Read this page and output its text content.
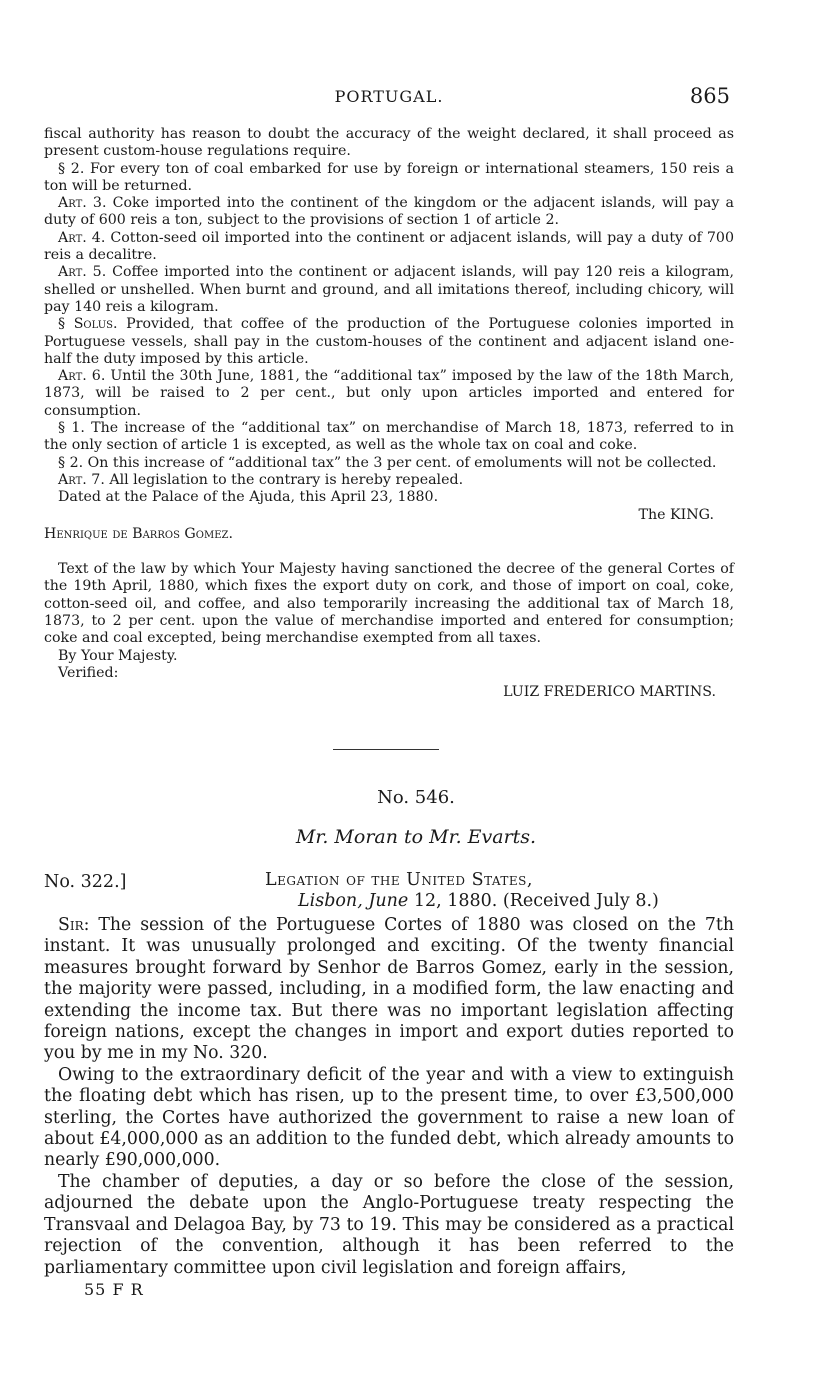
PORTUGAL.	865

fiscal authority has reason to doubt the accuracy of the weight declared, it shall proceed as present custom-house regulations require.

§ 2. For every ton of coal embarked for use by foreign or international steamers, 150 reis a ton will be returned.

Art. 3. Coke imported into the continent of the kingdom or the adjacent islands, will pay a duty of 600 reis a ton, subject to the provisions of section 1 of article 2.

Art. 4. Cotton-seed oil imported into the continent or adjacent islands, will pay a duty of 700 reis a decalitre.

Art. 5. Coffee imported into the continent or adjacent islands, will pay 120 reis a kilogram, shelled or unshelled. When burnt and ground, and all imitations thereof, including chicory, will pay 140 reis a kilogram.

§ Solus. Provided, that coffee of the production of the Portuguese colonies imported in Portuguese vessels, shall pay in the custom-houses of the continent and adjacent island one-half the duty imposed by this article.

Art. 6. Until the 30th June, 1881, the “additional tax” imposed by the law of the 18th March, 1873, will be raised to 2 per cent., but only upon articles imported and entered for consumption.

§ 1. The increase of the “additional tax” on merchandise of March 18, 1873, referred to in the only section of article 1 is excepted, as well as the whole tax on coal and coke.

§ 2. On this increase of “additional tax” the 3 per cent. of emoluments will not be collected.

Art. 7. All legislation to the contrary is hereby repealed.

Dated at the Palace of the Ajuda, this April 23, 1880.

The KING.

Henrique de Barros Gomez.

Text of the law by which Your Majesty having sanctioned the decree of the general Cortes of the 19th April, 1880, which fixes the export duty on cork, and those of import on coal, coke, cotton-seed oil, and coffee, and also temporarily increasing the additional tax of March 18, 1873, to 2 per cent. upon the value of merchandise imported and entered for consumption; coke and coal excepted, being merchandise exempted from all taxes.

By Your Majesty.

Verified:

LUIZ FREDERICO MARTINS.

No. 546.
Mr. Moran to Mr. Evarts.
No. 322.]	Legation of the United States,
Lisbon, June 12, 1880. (Received July 8.)

Sir: The session of the Portuguese Cortes of 1880 was closed on the 7th instant. It was unusually prolonged and exciting. Of the twenty financial measures brought forward by Senhor de Barros Gomez, early in the session, the majority were passed, including, in a modified form, the law enacting and extending the income tax. But there was no important legislation affecting foreign nations, except the changes in import and export duties reported to you by me in my No. 320.

Owing to the extraordinary deficit of the year and with a view to extinguish the floating debt which has risen, up to the present time, to over £3,500,000 sterling, the Cortes have authorized the government to raise a new loan of about £4,000,000 as an addition to the funded debt, which already amounts to nearly £90,000,000.

The chamber of deputies, a day or so before the close of the session, adjourned the debate upon the Anglo-Portuguese treaty respecting the Transvaal and Delagoa Bay, by 73 to 19. This may be considered as a practical rejection of the convention, although it has been referred to the parliamentary committee upon civil legislation and foreign affairs,

55 F R
